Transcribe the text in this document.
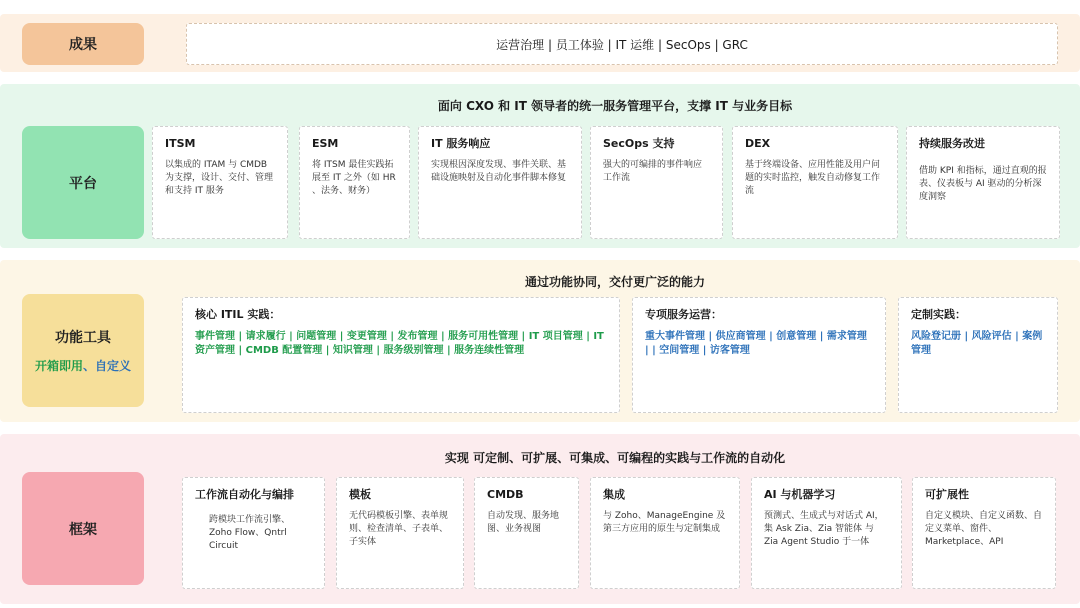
成果	运营治理 | 员工体验 | IT 运维 | SecOps | GRC
面向 CXO 和 IT 领导者的统一服务管理平台，支撑 IT 与业务目标
平台
ITSM
以集成的 ITAM 与 CMDB 为支撑，设计、交付、管理和支持 IT 服务
ESM
将 ITSM 最佳实践拓展至 IT 之外（如 HR 、法务、财务）
IT 服务响应
实现根因深度发现、事件关联、基础设施映射及自动化事件脚本修复
SecOps 支持
强大的可编排的事件响应工作流
DEX
基于终端设备、应用性能及用户问题的实时监控，触发自动修复工作流
持续服务改进
借助 KPI 和指标，通过直观的报表、仪表板与 AI 驱动的分析深度洞察
通过功能协同，交付更广泛的能力
功能工具
开箱即用、自定义
核心 ITIL 实践：
事件管理 | 请求履行 | 问题管理 | 变更管理 | 发布管理 | 服务可用性管理 | IT 项目管理 | IT 资产管理 | CMDB 配置管理 | 知识管理 | 服务级别管理 | 服务连续性管理
专项服务运营：
重大事件管理 | 供应商管理 | 创意管理 | 需求管理 | | 空间管理 | 访客管理
定制实践：
风险登记册 | 风险评估 | 案例管理
实现 可定制、可扩展、可集成、可编程的实践与工作流的自动化
框架
工作流自动化与编排
跨模块工作流引擎、Zoho Flow、Qntrl Circuit
模板
无代码模板引擎、表单规则、检查清单、子表单、子实体
CMDB
自动发现、服务地图、业务视图
集成
与 Zoho、ManageEngine 及第三方应用的原生与定制集成
AI 与机器学习
预测式、生成式与对话式 AI，集 Ask Zia、Zia 智能体 与 Zia Agent Studio 于一体
可扩展性
自定义模块、自定义函数、自定义菜单、窗件、Marketplace、API
